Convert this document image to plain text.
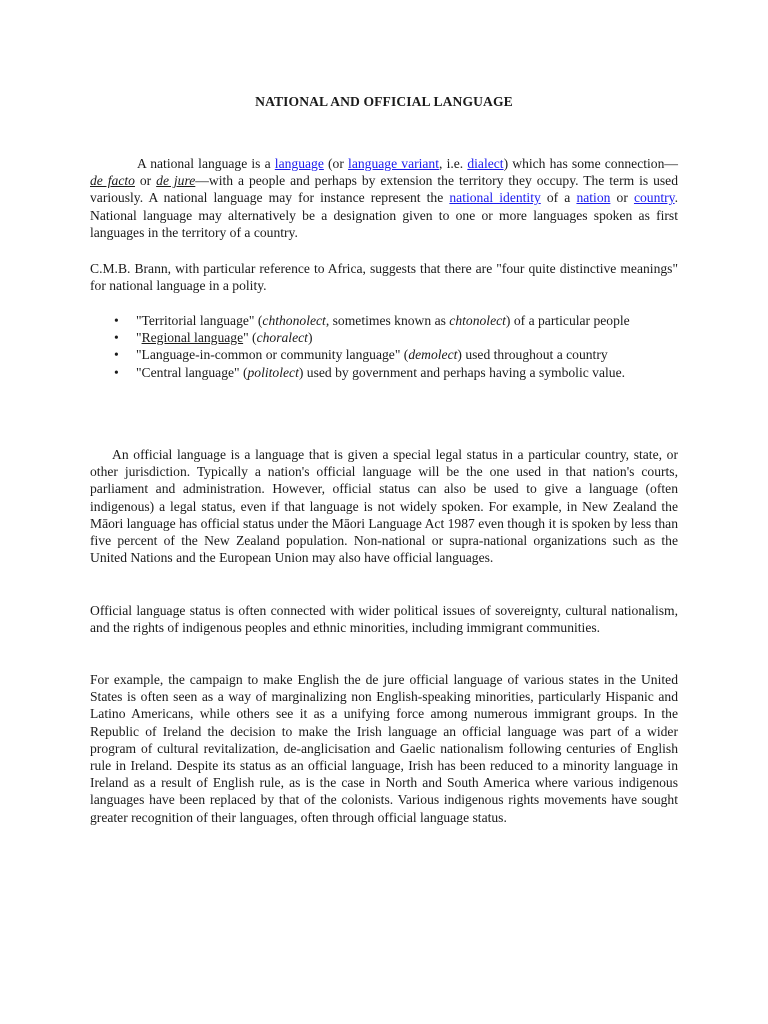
NATIONAL AND OFFICIAL LANGUAGE

A national language is a language (or language variant, i.e. dialect) which has some connection—de facto or de jure—with a people and perhaps by extension the territory they occupy. The term is used variously. A national language may for instance represent the national identity of a nation or country. National language may alternatively be a designation given to one or more languages spoken as first languages in the territory of a country.

C.M.B. Brann, with particular reference to Africa, suggests that there are "four quite distinctive meanings" for national language in a polity.

• "Territorial language" (chthonolect, sometimes known as chtonolect) of a particular people
• "Regional language" (choralect)
• "Language-in-common or community language" (demolect) used throughout a country
• "Central language" (politolect) used by government and perhaps having a symbolic value.

An official language is a language that is given a special legal status in a particular country, state, or other jurisdiction. Typically a nation's official language will be the one used in that nation's courts, parliament and administration. However, official status can also be used to give a language (often indigenous) a legal status, even if that language is not widely spoken. For example, in New Zealand the Māori language has official status under the Māori Language Act 1987 even though it is spoken by less than five percent of the New Zealand population. Non-national or supra-national organizations such as the United Nations and the European Union may also have official languages.

Official language status is often connected with wider political issues of sovereignty, cultural nationalism, and the rights of indigenous peoples and ethnic minorities, including immigrant communities.

For example, the campaign to make English the de jure official language of various states in the United States is often seen as a way of marginalizing non English-speaking minorities, particularly Hispanic and Latino Americans, while others see it as a unifying force among numerous immigrant groups. In the Republic of Ireland the decision to make the Irish language an official language was part of a wider program of cultural revitalization, de-anglicisation and Gaelic nationalism following centuries of English rule in Ireland. Despite its status as an official language, Irish has been reduced to a minority language in Ireland as a result of English rule, as is the case in North and South America where various indigenous languages have been replaced by that of the colonists. Various indigenous rights movements have sought greater recognition of their languages, often through official language status.
